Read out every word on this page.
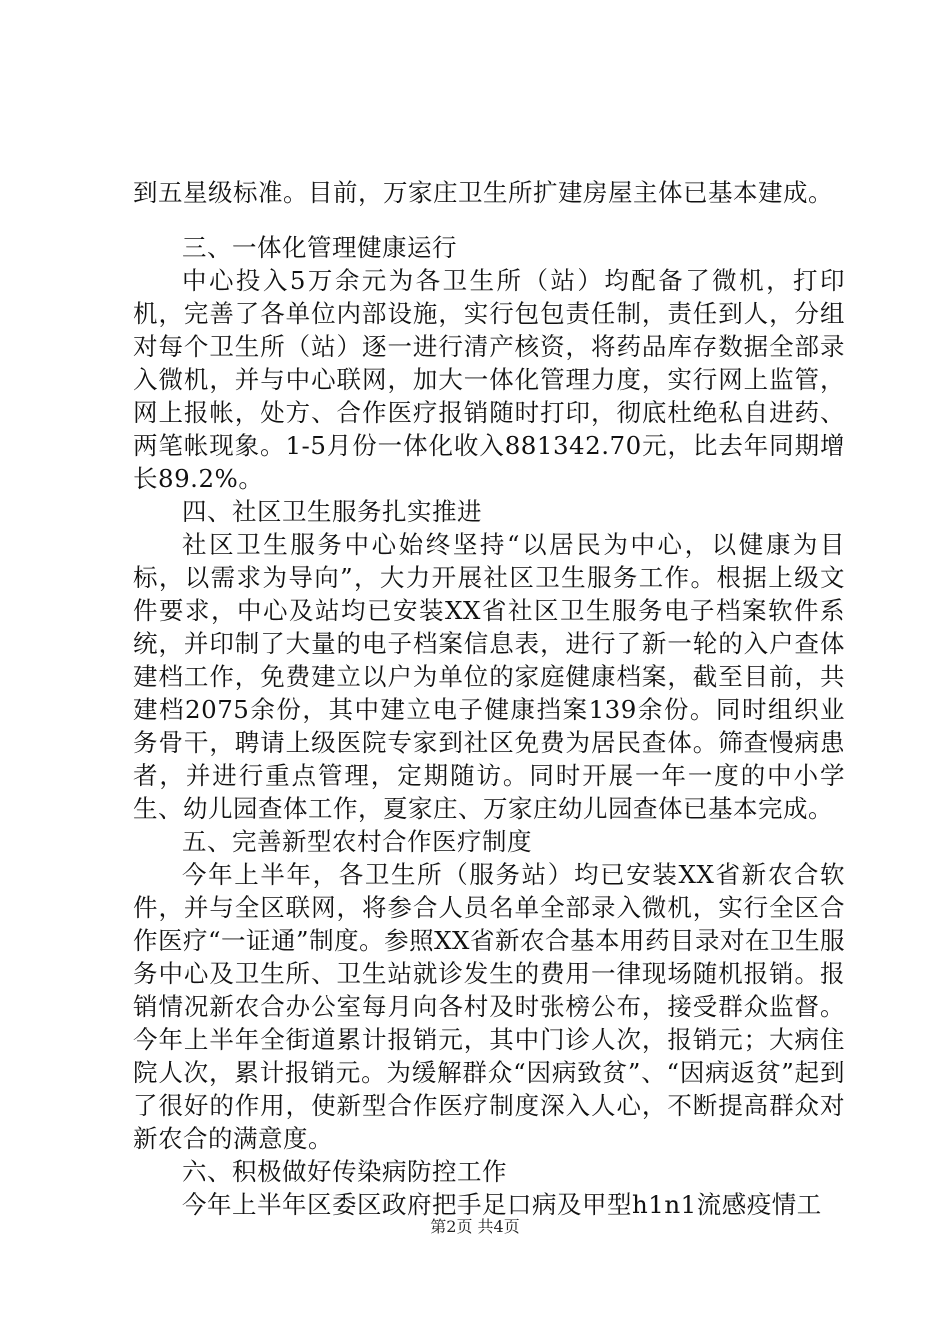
到五星级标准。目前，万家庄卫生所扩建房屋主体已基本建成。

三、一体化管理健康运行

中心投入5万余元为各卫生所（站）均配备了微机，打印机，完善了各单位内部设施，实行包包责任制，责任到人，分组对每个卫生所（站）逐一进行清产核资，将药品库存数据全部录入微机，并与中心联网，加大一体化管理力度，实行网上监管，网上报帐，处方、合作医疗报销随时打印，彻底杜绝私自进药、两笔帐现象。1-5月份一体化收入881342.70元，比去年同期增长89.2%。

四、社区卫生服务扎实推进

社区卫生服务中心始终坚持“以居民为中心，以健康为目标，以需求为导向”，大力开展社区卫生服务工作。根据上级文件要求，中心及站均已安装XX省社区卫生服务电子档案软件系统，并印制了大量的电子档案信息表，进行了新一轮的入户查体建档工作，免费建立以户为单位的家庭健康档案，截至目前，共建档2075余份，其中建立电子健康挡案139余份。同时组织业务骨干，聘请上级医院专家到社区免费为居民查体。筛查慢病患者，并进行重点管理，定期随访。同时开展一年一度的中小学生、幼儿园查体工作，夏家庄、万家庄幼儿园查体已基本完成。

五、完善新型农村合作医疗制度

今年上半年，各卫生所（服务站）均已安装XX省新农合软件，并与全区联网，将参合人员名单全部录入微机，实行全区合作医疗“一证通”制度。参照XX省新农合基本用药目录对在卫生服务中心及卫生所、卫生站就诊发生的费用一律现场随机报销。报销情况新农合办公室每月向各村及时张榜公布，接受群众监督。今年上半年全街道累计报销元，其中门诊人次，报销元；大病住院人次，累计报销元。为缓解群众“因病致贫”、“因病返贫”起到了很好的作用，使新型合作医疗制度深入人心，不断提高群众对新农合的满意度。

六、积极做好传染病防控工作

今年上半年区委区政府把手足口病及甲型h1n1流感疫情工

第2页 共4页
